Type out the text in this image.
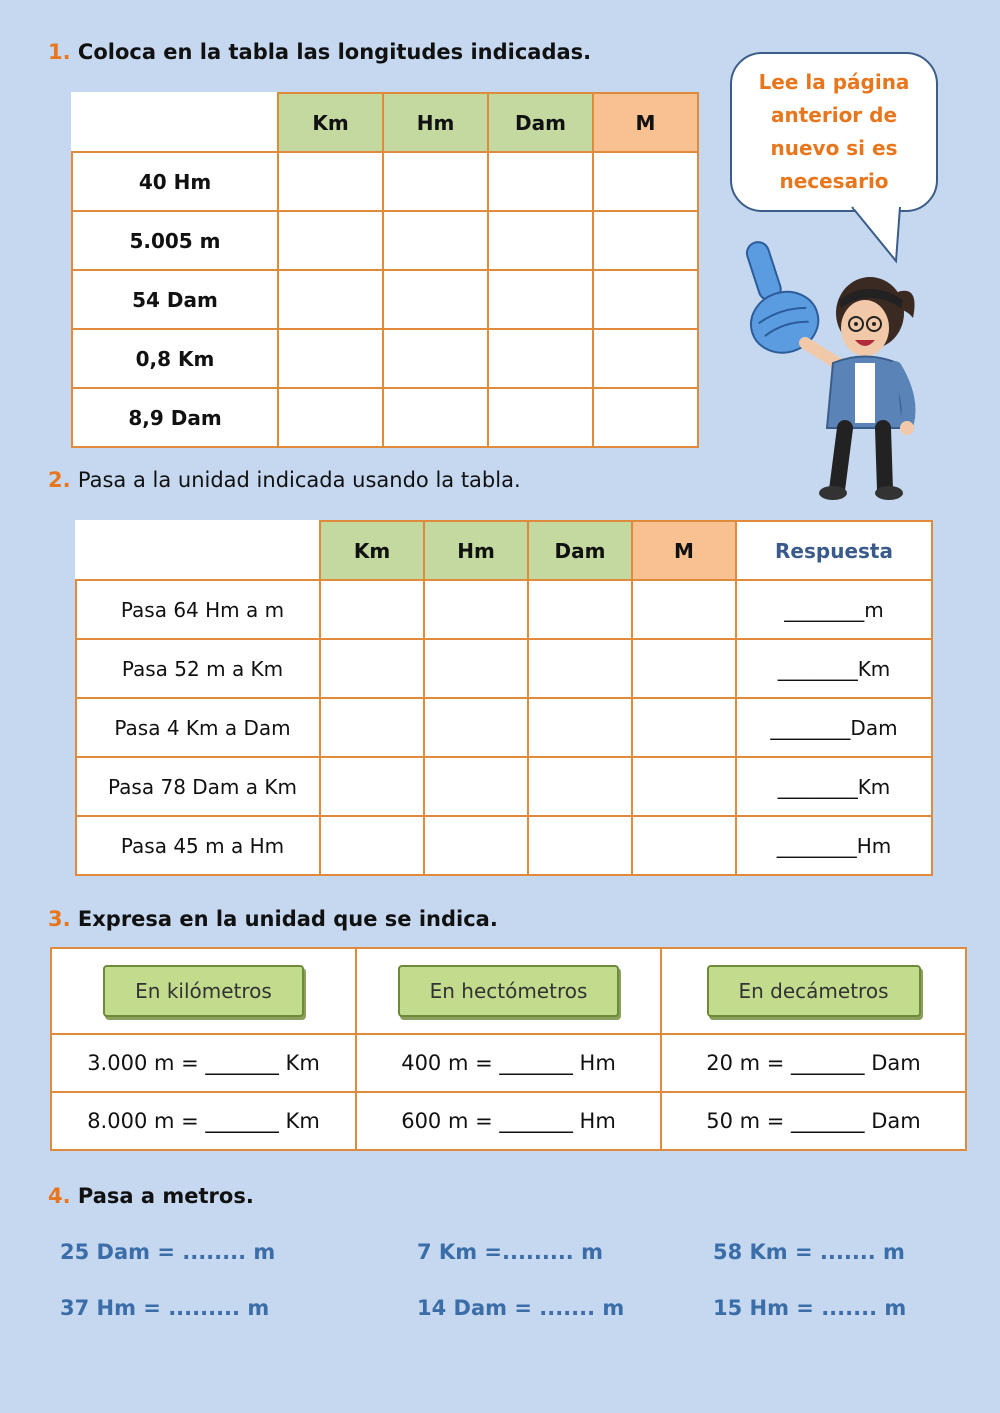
1. Coloca en la tabla las longitudes indicadas.
	Km	Hm	Dam	M
40 Hm				
5.005 m				
54 Dam				
0,8 Km				
8,9 Dam				
Lee la página
anterior de
nuevo si es
necesario
2. Pasa a la unidad indicada usando la tabla.
	Km	Hm	Dam	M	Respuesta
Pasa 64 Hm a m					________m
Pasa 52 m a Km					________Km
Pasa 4 Km a Dam					________Dam
Pasa 78 Dam a Km					________Km
Pasa 45 m a Hm					________Hm
3. Expresa en la unidad que se indica.
En kilómetros	En hectómetros	En decámetros
3.000 m = _______ Km	400 m = _______ Hm	20 m = _______ Dam
8.000 m = _______ Km	600 m = _______ Hm	50 m = _______ Dam
4. Pasa a metros.
25 Dam = ........ m	7 Km =......... m	58 Km = ....... m
37 Hm = ......... m	14 Dam = ....... m	15 Hm = ....... m
